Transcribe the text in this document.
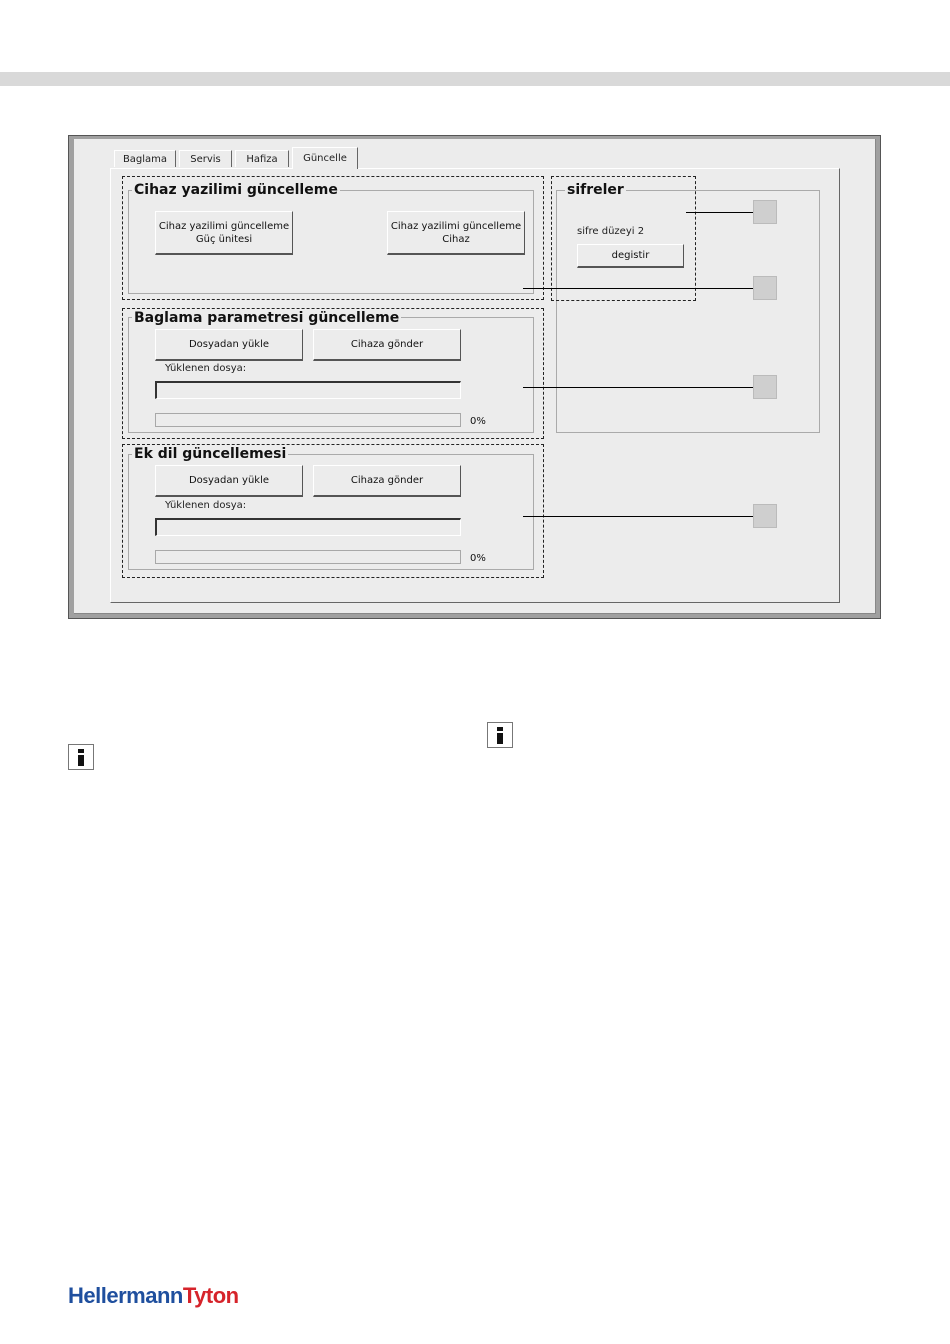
Baglama	Servis	Hafiza	Güncelle
Cihaz yazilimi güncelleme
Cihaz yazilimi güncelleme
Güç ünitesi
Cihaz yazilimi güncelleme
Cihaz
sifreler
sifre düzeyi 2
degistir
Baglama parametresi güncelleme
Dosyadan yükle	Cihaza gönder
Yüklenen dosya:
0%
Ek dil güncellemesi
Dosyadan yükle	Cihaza gönder
Yüklenen dosya:
0%
HellermannTyton
